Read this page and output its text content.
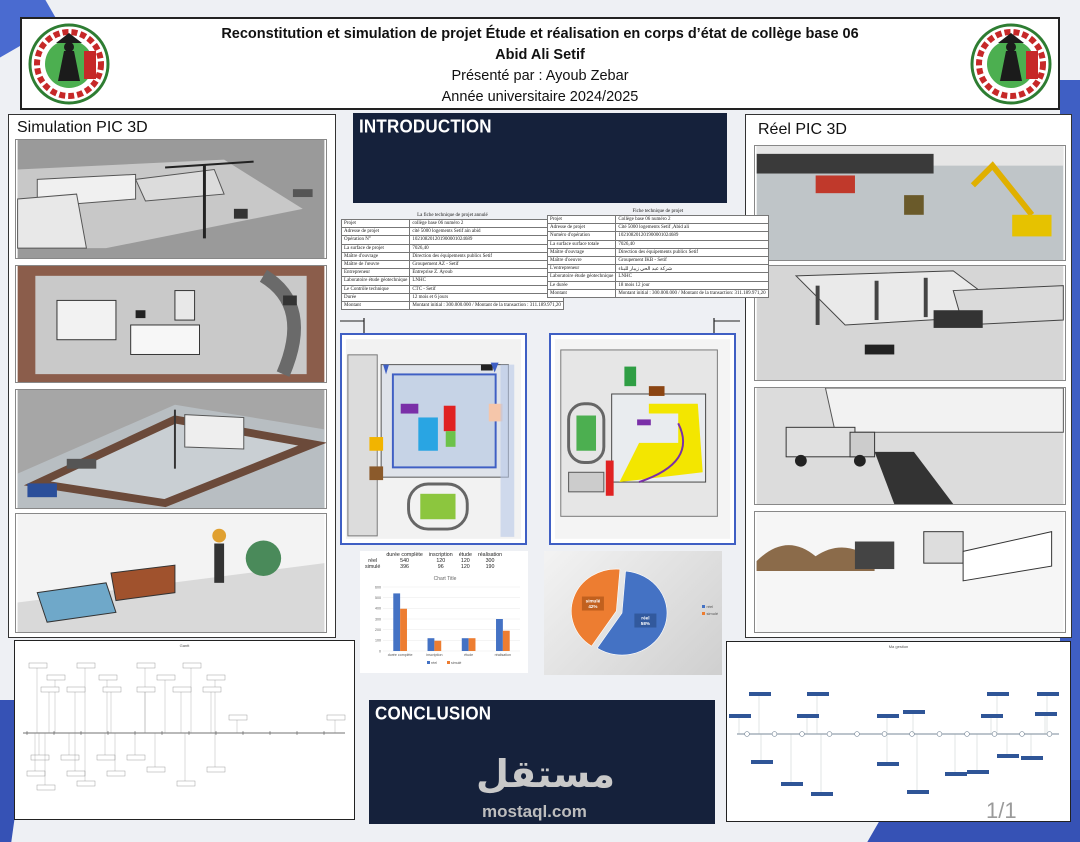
Reconstitution et simulation de projet Étude et réalisation en corps d’état de collège base 06
Abid Ali Setif
Présenté par : Ayoub Zebar
Année universitaire 2024/2025
Simulation PIC 3D	Réel PIC 3D
INTRODUCTION
La fiche technique de projet annulé
Projet	collège base 06 numéro 2
Adresse de projet	cité 5000 logements Setif ain abid
Opération N°	102108201201900001024689
La surface de projet	7026,40
Maître d'ouvrage	Direction des équipements publics Setif
Maître de l'œuvre	Groupement AZ - Setif
Entrepreneur	Entreprise Z. Ayoub
Laboratoire étude géotechnique	LNHC
Le Contrôle technique	CTC - Setif
Durée	12 mois et 6 jours
Montant	Montant initial : 300.000.000 / Montant de la transaction : 311.189.971,20
Fiche technique de projet
Projet	Collège base 06 numéro 2
Adresse de projet	Cité 5000 logements Setif ,Abid ali
Numéro d'opération	102108201201900001024689
La surface surface totale	7026,40
Maître d'ouvrage	Direction des équipements publics Setif
Maître d'oeuvre	Groupement IKB - Setif
L'entrepreneur	شركة عبد الحي زيبار للبناء
Laboratoire étude géotechnique	LNHC
Le durée	18 mois 12 jour
Montant	Montant initial : 300.000.000 / Montant de la transaction: 311.189.971,20
	durée complète	inscription	étude	réalisation
réel	540	120	120	300
simulé	396	96	120	190
Chart Title
0
100
200
300
400
500
600
durée complète	inscription	étude	réalisation
réel	simulé
réel
58%
simulé
42%	réel
simulé
CONCLUSION
مستقل
mostaql.com
Gantt	Ma gestion
1/1
